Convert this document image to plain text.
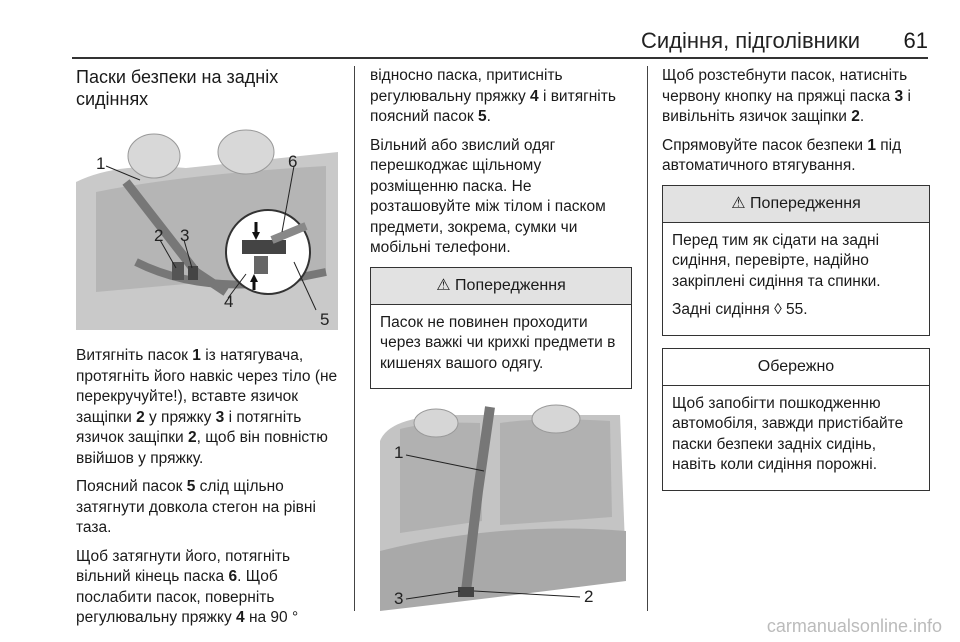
Сидіння, підголівники	61
Паски безпеки на задніх сидіннях
1
2 3
4
5
6

Витягніть пасок 1 із натягувача, протягніть його навкіс через тіло (не перекручуйте!), вставте язичок защіпки 2 у пряжку 3 і потягніть язичок защіпки 2, щоб він повністю ввійшов у пряжку.

Поясний пасок 5 слід щільно затягнути довкола стегон на рівні таза.

Щоб затягнути його, потягніть вільний кінець паска 6. Щоб послабити пасок, поверніть регулювальну пряжку 4 на 90 °

відносно паска, притисніть регулювальну пряжку 4 і витягніть поясний пасок 5.

Вільний або звислий одяг перешкоджає щільному розміщенню паска. Не розташовуйте між тілом і паском предмети, зокрема, сумки чи мобільні телефони.

⚠ Попередження

Пасок не повинен проходити через важкі чи крихкі предмети в кишенях вашого одягу.

1
3	2

Щоб розстебнути пасок, натисніть червону кнопку на пряжці паска 3 і вивільніть язичок защіпки 2.

Спрямовуйте пасок безпеки 1 під автоматичного втягування.

⚠ Попередження

Перед тим як сідати на задні сидіння, перевірте, надійно закріплені сидіння та спинки.

Задні сидіння ◊ 55.

Обережно

Щоб запобігти пошкодженню автомобіля, завжди пристібайте паски безпеки задніх сидінь, навіть коли сидіння порожні.

carmanualsonline.info
